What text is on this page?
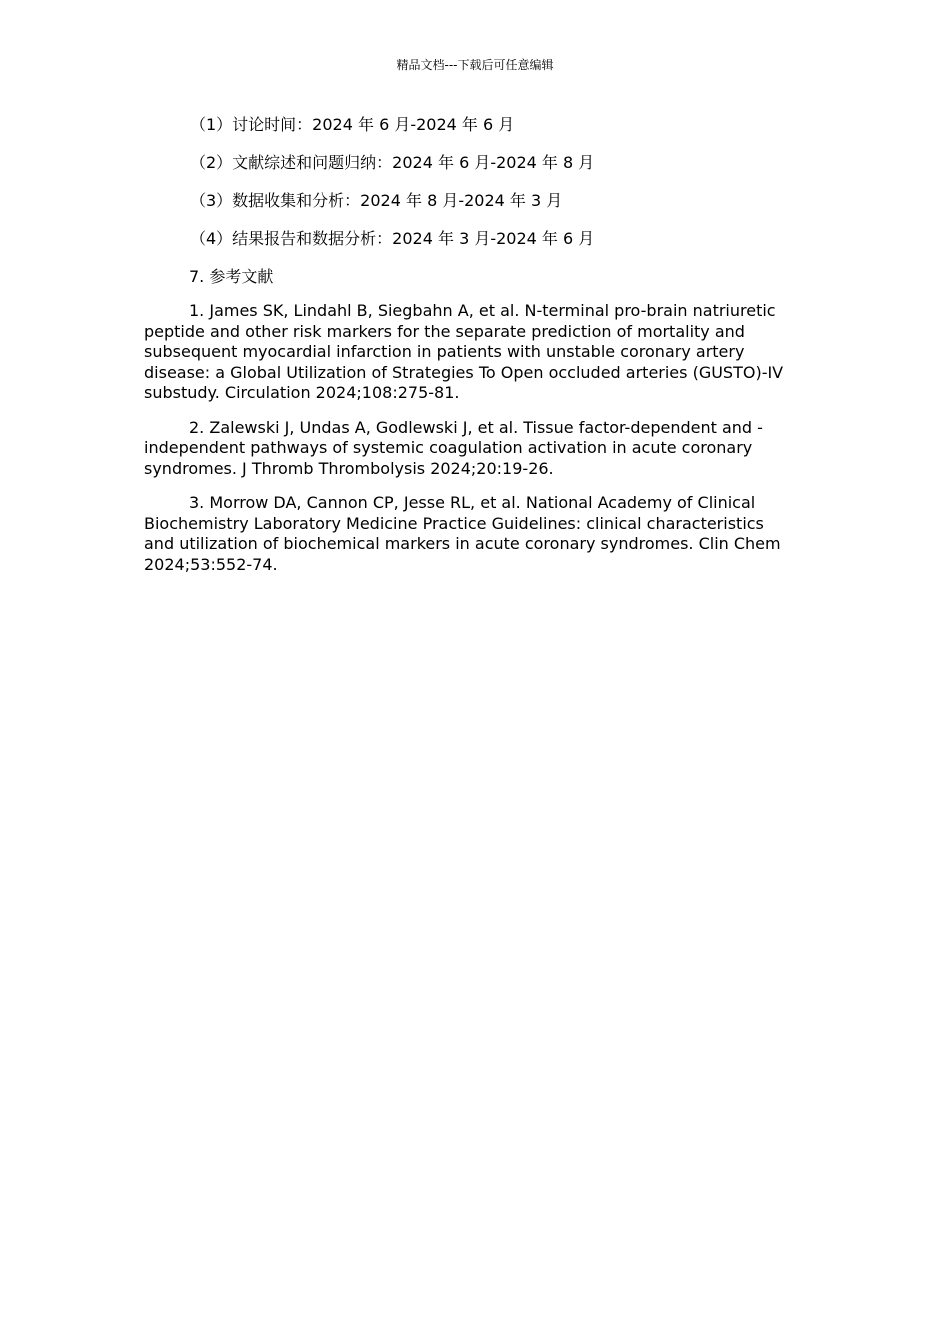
精品文档---下载后可任意编辑

（1）讨论时间：2024 年 6 月-2024 年 6 月

（2）文献综述和问题归纳：2024 年 6 月-2024 年 8 月

（3）数据收集和分析：2024 年 8 月-2024 年 3 月

（4）结果报告和数据分析：2024 年 3 月-2024 年 6 月

7. 参考文献

1. James SK, Lindahl B, Siegbahn A, et al. N-terminal pro-brain natriuretic peptide and other risk markers for the separate prediction of mortality and subsequent myocardial infarction in patients with unstable coronary artery disease: a Global Utilization of Strategies To Open occluded arteries (GUSTO)-IV substudy. Circulation 2024;108:275-81.

2. Zalewski J, Undas A, Godlewski J, et al. Tissue factor-dependent and -independent pathways of systemic coagulation activation in acute coronary syndromes. J Thromb Thrombolysis 2024;20:19-26.

3. Morrow DA, Cannon CP, Jesse RL, et al. National Academy of Clinical Biochemistry Laboratory Medicine Practice Guidelines: clinical characteristics and utilization of biochemical markers in acute coronary syndromes. Clin Chem 2024;53:552-74.
